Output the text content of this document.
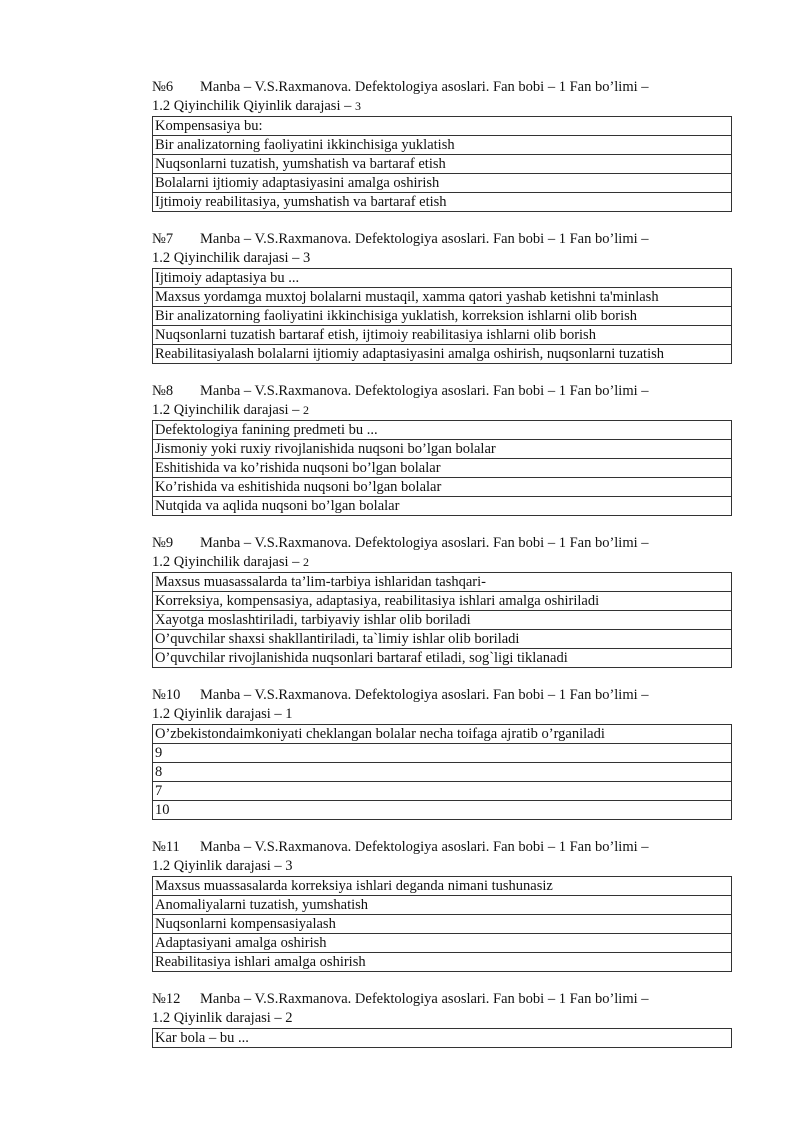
№6 Manba – V.S.Raxmanova. Defektologiya asoslari. Fan bobi – 1 Fan bo’limi –
1.2 Qiyinchilik Qiyinlik darajasi – 3
Kompensasiya bu:
Bir analizatorning faoliyatini ikkinchisiga yuklatish
Nuqsonlarni tuzatish, yumshatish va bartaraf etish
Bolalarni ijtiomiy adaptasiyasini amalga oshirish
Ijtimoiy reabilitasiya, yumshatish va bartaraf etish
№7 Manba – V.S.Raxmanova. Defektologiya asoslari. Fan bobi – 1 Fan bo’limi –
1.2 Qiyinchilik darajasi – 3
Ijtimoiy adaptasiya bu ...
Maxsus yordamga muxtoj bolalarni mustaqil, xamma qatori yashab ketishni ta'minlash
Bir analizatorning faoliyatini ikkinchisiga yuklatish, korreksion ishlarni olib borish
Nuqsonlarni tuzatish bartaraf etish, ijtimoiy reabilitasiya ishlarni olib borish
Reabilitasiyalash bolalarni ijtiomiy adaptasiyasini amalga oshirish, nuqsonlarni tuzatish
№8 Manba – V.S.Raxmanova. Defektologiya asoslari. Fan bobi – 1 Fan bo’limi –
1.2 Qiyinchilik darajasi – 2
Defektologiya fanining predmeti bu ...
Jismoniy yoki ruxiy rivojlanishida nuqsoni bo’lgan bolalar
Eshitishida va ko’rishida nuqsoni bo’lgan bolalar
Ko’rishida va eshitishida nuqsoni bo’lgan bolalar
Nutqida va aqlida nuqsoni bo’lgan bolalar
№9 Manba – V.S.Raxmanova. Defektologiya asoslari. Fan bobi – 1 Fan bo’limi –
1.2 Qiyinchilik darajasi – 2
Maxsus muasassalarda ta’lim-tarbiya ishlaridan tashqari-
Korreksiya, kompensasiya, adaptasiya, reabilitasiya ishlari amalga oshiriladi
Xayotga moslashtiriladi, tarbiyaviy ishlar olib boriladi
O’quvchilar shaxsi shakllantiriladi, ta`limiy ishlar olib boriladi
O’quvchilar rivojlanishida nuqsonlari bartaraf etiladi, sog`ligi tiklanadi
№10 Manba – V.S.Raxmanova. Defektologiya asoslari. Fan bobi – 1 Fan bo’limi –
1.2 Qiyinlik darajasi – 1
O’zbekistondaimkoniyati cheklangan bolalar necha toifaga ajratib o’rganiladi
9
8
7
10
№11 Manba – V.S.Raxmanova. Defektologiya asoslari. Fan bobi – 1 Fan bo’limi –
1.2 Qiyinlik darajasi – 3
Maxsus muassasalarda korreksiya ishlari deganda nimani tushunasiz
Anomaliyalarni tuzatish, yumshatish
Nuqsonlarni kompensasiyalash
Adaptasiyani amalga oshirish
Reabilitasiya ishlari amalga oshirish
№12 Manba – V.S.Raxmanova. Defektologiya asoslari. Fan bobi – 1 Fan bo’limi –
1.2 Qiyinlik darajasi – 2
Kar bola – bu ...
